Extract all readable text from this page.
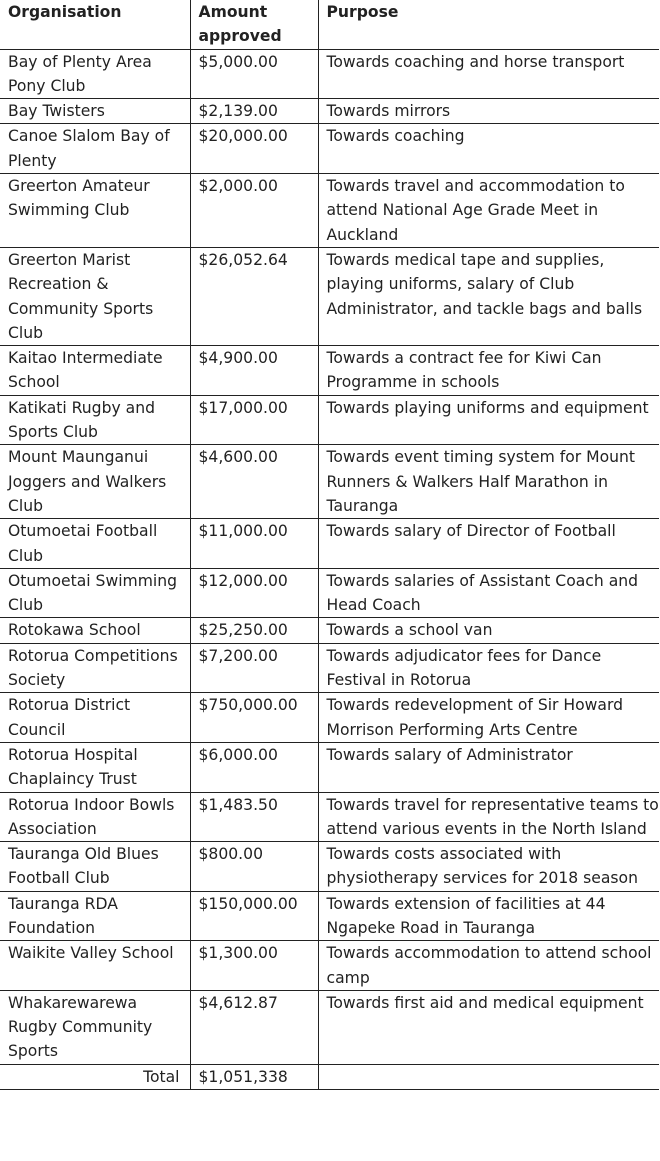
Organisation	Amount approved	Purpose
Bay of Plenty Area Pony Club	$5,000.00	Towards coaching and horse transport
Bay Twisters	$2,139.00	Towards mirrors
Canoe Slalom Bay of Plenty	$20,000.00	Towards coaching
Greerton Amateur Swimming Club	$2,000.00	Towards travel and accommodation to attend National Age Grade Meet in Auckland
Greerton Marist Recreation & Community Sports Club	$26,052.64	Towards medical tape and supplies, playing uniforms, salary of Club Administrator, and tackle bags and balls
Kaitao Intermediate School	$4,900.00	Towards a contract fee for Kiwi Can Programme in schools
Katikati Rugby and Sports Club	$17,000.00	Towards playing uniforms and equipment
Mount Maunganui Joggers and Walkers Club	$4,600.00	Towards event timing system for Mount Runners & Walkers Half Marathon in Tauranga
Otumoetai Football Club	$11,000.00	Towards salary of Director of Football
Otumoetai Swimming Club	$12,000.00	Towards salaries of Assistant Coach and Head Coach
Rotokawa School	$25,250.00	Towards a school van
Rotorua Competitions Society	$7,200.00	Towards adjudicator fees for Dance Festival in Rotorua
Rotorua District Council	$750,000.00	Towards redevelopment of Sir Howard Morrison Performing Arts Centre
Rotorua Hospital Chaplaincy Trust	$6,000.00	Towards salary of Administrator
Rotorua Indoor Bowls Association	$1,483.50	Towards travel for representative teams to attend various events in the North Island
Tauranga Old Blues Football Club	$800.00	Towards costs associated with physiotherapy services for 2018 season
Tauranga RDA Foundation	$150,000.00	Towards extension of facilities at 44 Ngapeke Road in Tauranga
Waikite Valley School	$1,300.00	Towards accommodation to attend school camp
Whakarewarewa Rugby Community Sports	$4,612.87	Towards first aid and medical equipment
Total	$1,051,338	
